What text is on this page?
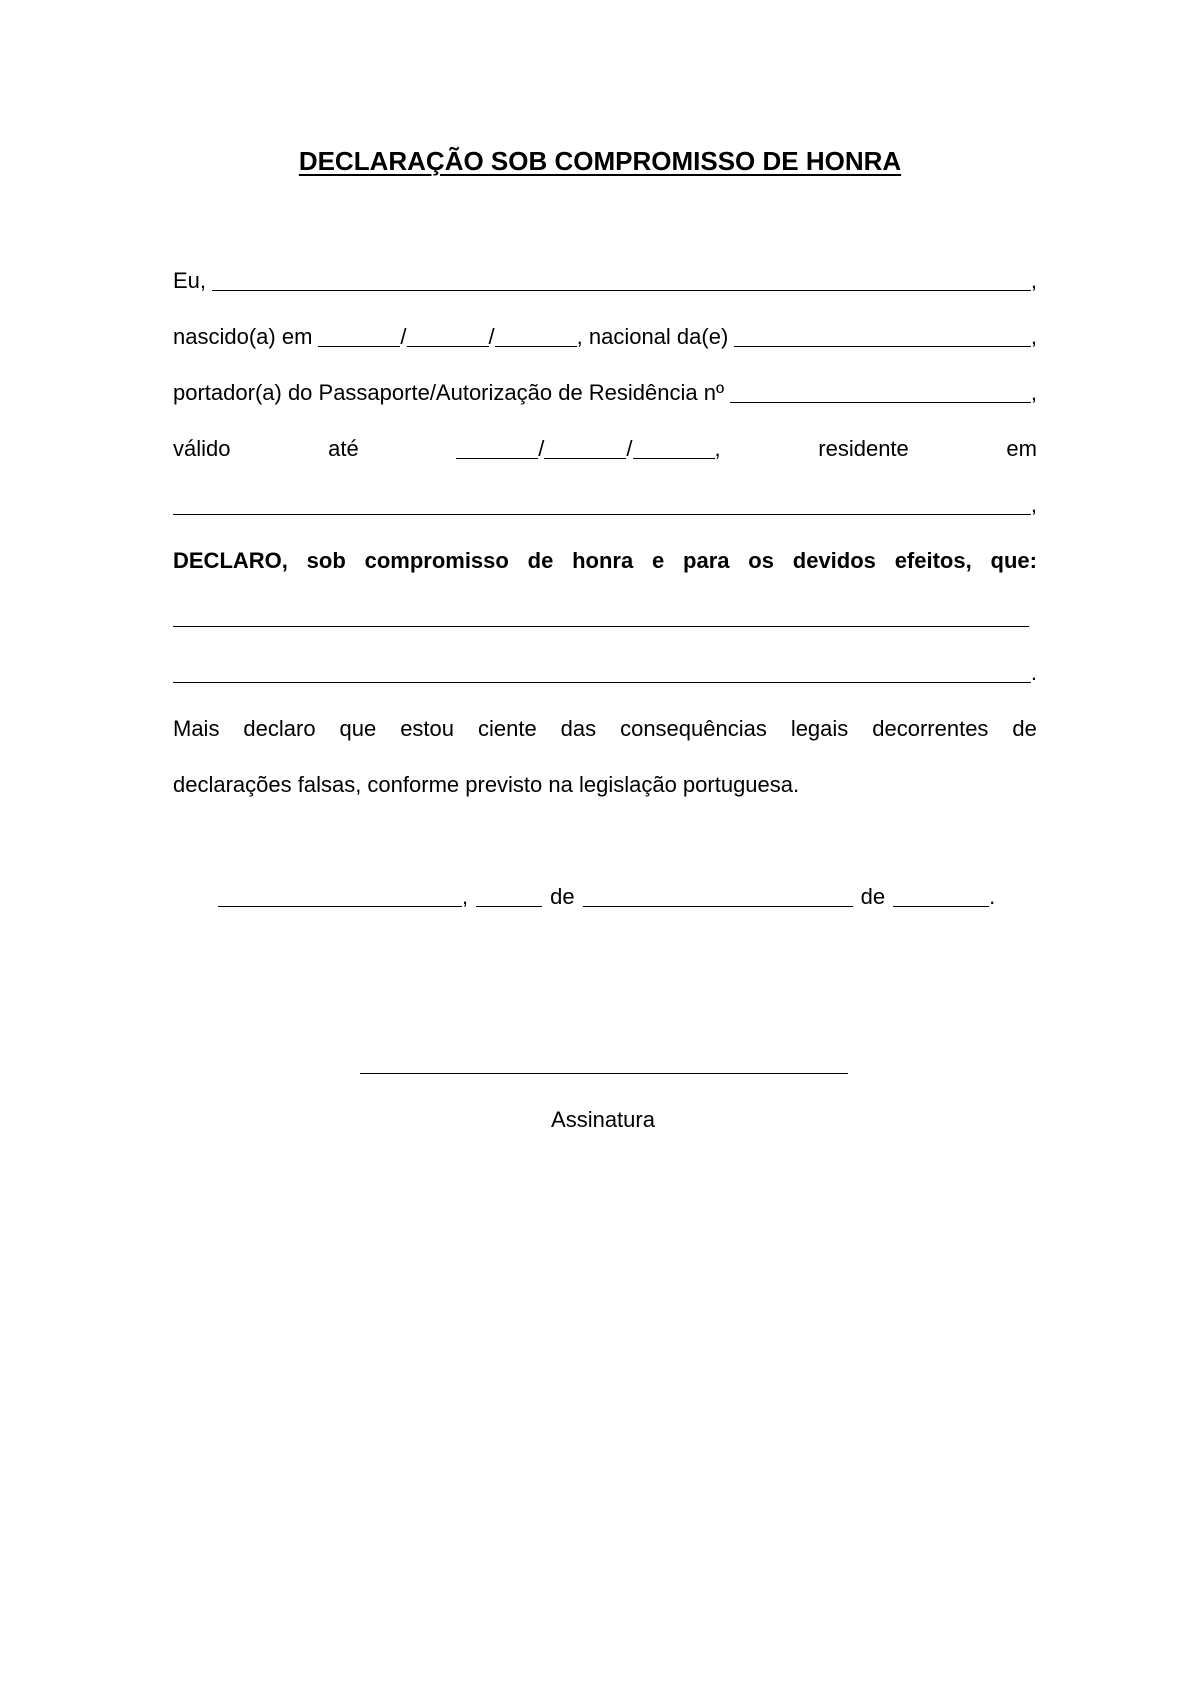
DECLARAÇÃO SOB COMPROMISSO DE HONRA
Eu,	,
nascido(a) em	/	/	, nacional da(e)	,
portador(a) do Passaporte/Autorização de Residência nº	,
válido	até	/	/	,	residente	em
,
DECLARO, sob compromisso de honra e para os devidos efeitos, que:
.
Mais declaro que estou ciente das consequências legais decorrentes de
declarações falsas, conforme previsto na legislação portuguesa.
,	de	de	.
Assinatura
